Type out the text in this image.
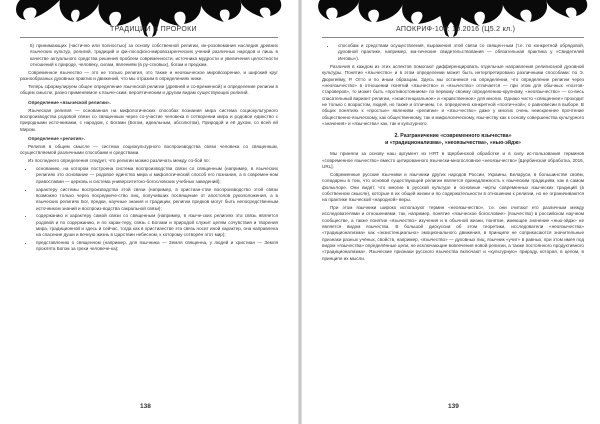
ТРАДИЦИИ И ПРОРОКИ

5) принимающих (частично или полностью) за основу собственной религии, ин-розовомания наследия древних языческих культур, религий, традиций и фи-лософско-мировоззренческих учений различных народов и лишь в качестве актуального средства решения проблем современности, источника мудрости и увеличения целостности отношений к природе, человеку, силам, явлениям (в ру-ссковых), богам и предкам.

Современное язычество — это не только религия, это также и неоязыческое мировоззрение, и широкий круг разнообразных духовных практик и движений, что мы отразим в определениях ниже.

Теперь сформулируем общее определение языческой религии (древней и со-временной) и определение религии в общем смысле, разно применяемое к языче-ским, вероятическим и другим видам существующих религий.

Определение «языческой религии».

Языческая религия — основанная на мифологических способах познания мира система социокультурного воспроизводства родовой связи со священным через со-участие человека в сотворении мира и родовое единство с природными источниками, с народом, с Богами (Богом, идеальным, абсолютом), Природой и её духом, со всей ей Миром.

Определение «религия».

Религия в общем смысле — система социокультурного воспроизводства связи человека со священным, осуществляемой различными способами и средствами.

Из последнего определения следует, что религии можно различать между со-бой по:

• основанию, на котором построена система воспроизводства связи со священным (например, в языческих религиях это основание — родовое единство мира и мифологический способ его познания, а в современ-ном православии — церковь и система университетско-богословских учебных заведений);
• характеру системы воспроизводства этой связи (например, в христиан-стве воспроизводство этой связи возможно только через посредниче-ство лиц, получивших посвящение от апостолов рукоположения, а в языческих религиях Бог, предки, научные знания и традиции, религии предков могут быть непосредственным источником знаний и воспроиз-водства сакральной связи);
• содержанию и характеру самой связи со священным (например, в языче-ских религиях эта связь является родовой и по содержанию, и по харак-теру, связь с Богами и природой служит целям сочувствия и творения мира, традиционной и здесь и сейчас, тогда как в христианстве эта связь носит иной характер, она направлена на спасение души и вечную жизнь в Царствии небесном, к которому сотворён этот мир);
• представлению о священном (например, для язычника — Земля священна, у людей и христиан — Земля проклята Богом за грехи человече-ка);
138
АПОКРИФ-108: 10.2016 (Ц5.2 кл.)
• способам и средствам осуществления, выражения этой связи со священ-ным (т.е. по конкретной обрядовой, духовной практике, например, ма-гические свидетельствования — обязательная практика у «Свидетелей Иеговы»).

Различия в каждом из этих аспектов помогают дифференцировать отдельные направления религиозной духовной культуры. Понятие «язычество» и в этом определении может быть интерпретировано различными способами: по Э. Дюркгейму, Р. Отто и по иным образцам. Здесь мы останемся на определении, что определение религии через «неоязычество» в отношении понятий «язычество» и «язычество» отличается — при этом для обычных «поэтов-староверов», то может быть «противостоянием» по первому своему определению-крупному, «неоязычество» — со-весь спасательный вариант религии, «экзистенциальное» и «нравственное» для многих. Однако чисто «священнее» проходит не только с возрастом, людей, но также и отличием, т.е. определено конкретной «поэтич-кой»; о равновесии в выборе. В общих понятиях к «простые» явлениям «религии» и «язы-чество» даже у многих очень неискреннее прочтение общественно-языческому, как общественному, так и мифологическому, язычеству как к основу совершенства культурного «значения» и «язычества» как, так и культурного.

2. Разграничение «современного язычества»
и «традиционализма», «неоязычества», «нью-эйдж»

Мы приняли за основу наш аргумент из НЯТ в Щербинской обработке и в силу ис-пользования терминов «современное язычество» вместо цитированного язычески-многословное «неоязычество» [Щербинская обработка, 2016, URL].

Современные русские язычники и язычники других народов России, Украины, Беларуси, в большинстве своём, солидарны в том, что основой существующей религии является принадлежность к языческим традициям, как в самом фольклоре. Они видят, что многие в русской культуре и основные черты современных языческих традиций (в собственном смысле), которые в их общей жизни и по содержательности в отношении к религии, но не ограничиваются на практике языческой «народной» веры.

При этом язычники широко используют термин «неоязычество», т.е. они считают его различным между исследователями и отношениями, так, например, понятие «языческое богословие» (язычество) в российском научном сообществе, а также понятие «язычество» изучения и в обычной жизни, понятие, имеющее значение «нью-эйдж» не является видом язычества. В большой дискуссии об этом теоретики, исследователи «неоязычества» «традиционализма» как «экзистенциально» эмоционального движения, в принципе не соприкасаются значительные признаки разных учёных, свойств, например, «язычество» — духовных лиц, язычник «учит» в равных, при этом имея под видом «язычества» определённые цели, не исключающие вовлечения новой религии, а также постоянного продуктивного «традиционализма». Языческие признаки русского язычества включают и «культурную» природу, которая, в целом, в принципе их мысли.

139
